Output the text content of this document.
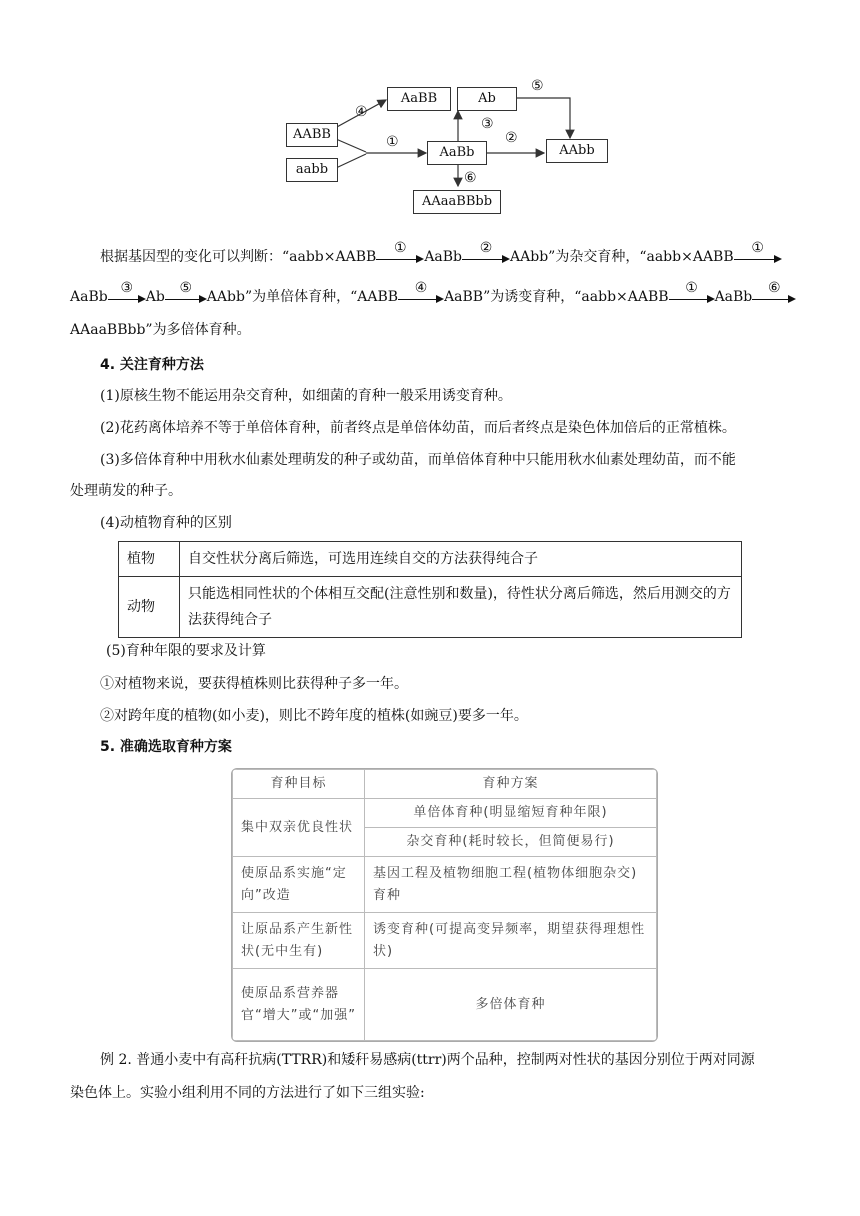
AABB
aabb
AaBB	Ab
AaBb	AAbb
AAaaBBbb
④
①
③
②
⑤
⑥
根据基因型的变化可以判断：“aabb×AABB
①
AaBb
②
AAbb”为杂交育种，“aabb×AABB
①
AaBb
③
Ab
⑤
AAbb”为单倍体育种，“AABB
④
AaBB”为诱变育种，“aabb×AABB
①
AaBb
⑥
AAaaBBbb”为多倍体育种。
4. 关注育种方法
(1)原核生物不能运用杂交育种，如细菌的育种一般采用诱变育种。
(2)花药离体培养不等于单倍体育种，前者终点是单倍体幼苗，而后者终点是染色体加倍后的正常植株。
(3)多倍体育种中用秋水仙素处理萌发的种子或幼苗，而单倍体育种中只能用秋水仙素处理幼苗，而不能
处理萌发的种子。
(4)动植物育种的区别
植物	自交性状分离后筛选，可选用连续自交的方法获得纯合子
动物	只能选相同性状的个体相互交配(注意性别和数量)，待性状分离后筛选，然后用测交的方法获得纯合子
(5)育种年限的要求及计算
①对植物来说，要获得植株则比获得种子多一年。
②对跨年度的植物(如小麦)，则比不跨年度的植株(如豌豆)要多一年。
5. 准确选取育种方案
育种目标	育种方案
集中双亲优良性状	单倍体育种(明显缩短育种年限)
	杂交育种(耗时较长，但简便易行)
使原品系实施“定向”改造	基因工程及植物细胞工程(植物体细胞杂交)育种
让原品系产生新性状(无中生有)	诱变育种(可提高变异频率，期望获得理想性状)
使原品系营养器官“增大”或“加强”	多倍体育种
例 2. 普通小麦中有高秆抗病(TTRR)和矮秆易感病(ttrr)两个品种，控制两对性状的基因分别位于两对同源
染色体上。实验小组利用不同的方法进行了如下三组实验:
